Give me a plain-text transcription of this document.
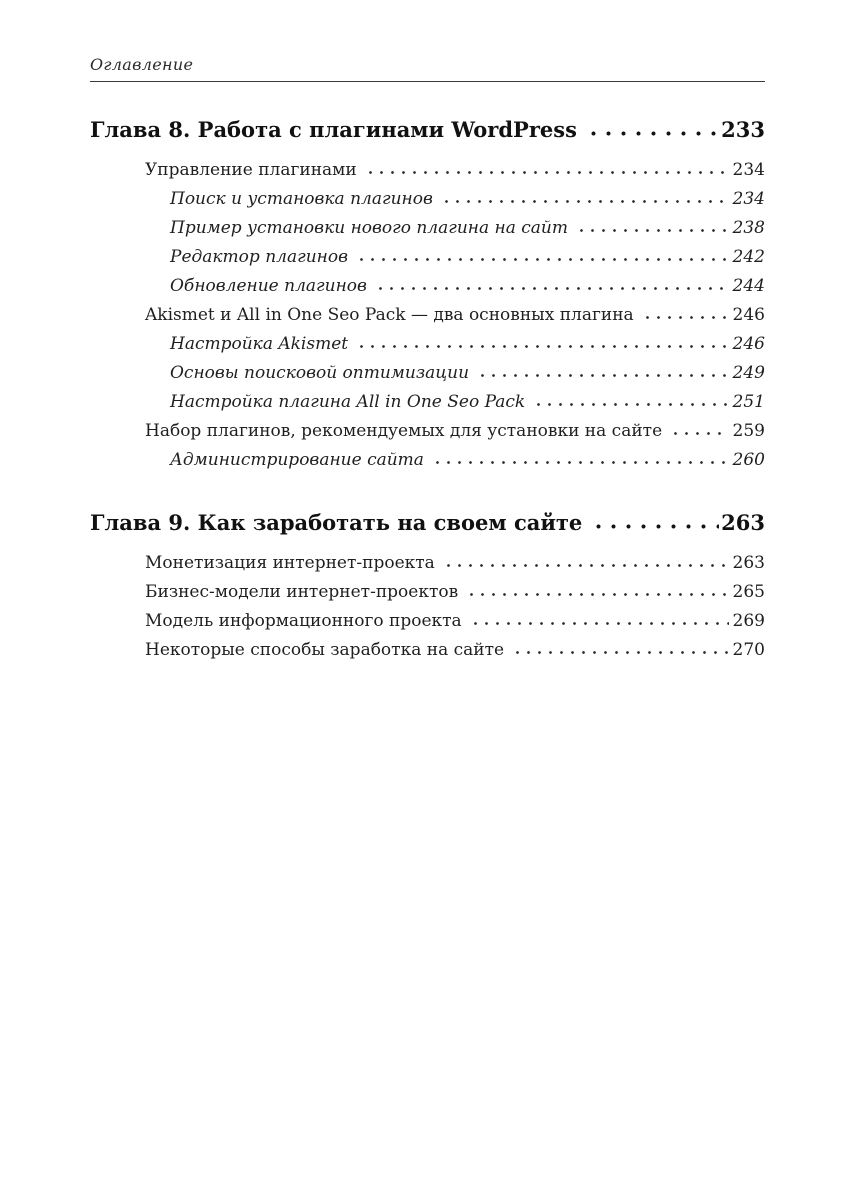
Оглавление
Глава 8. Работа с плагинами WordPress	233
Управление плагинами	234
Поиск и установка плагинов	234
Пример установки нового плагина на сайт	238
Редактор плагинов	242
Обновление плагинов	244
Akismet и All in One Seo Pack — два основных плагина	246
Настройка Akismet	246
Основы поисковой оптимизации	249
Настройка плагина All in One Seo Pack	251
Набор плагинов, рекомендуемых для установки на сайте	259
Администрирование сайта	260
Глава 9. Как заработать на своем сайте	263
Монетизация интернет-проекта	263
Бизнес-модели интернет-проектов	265
Модель информационного проекта	269
Некоторые способы заработка на сайте	270
